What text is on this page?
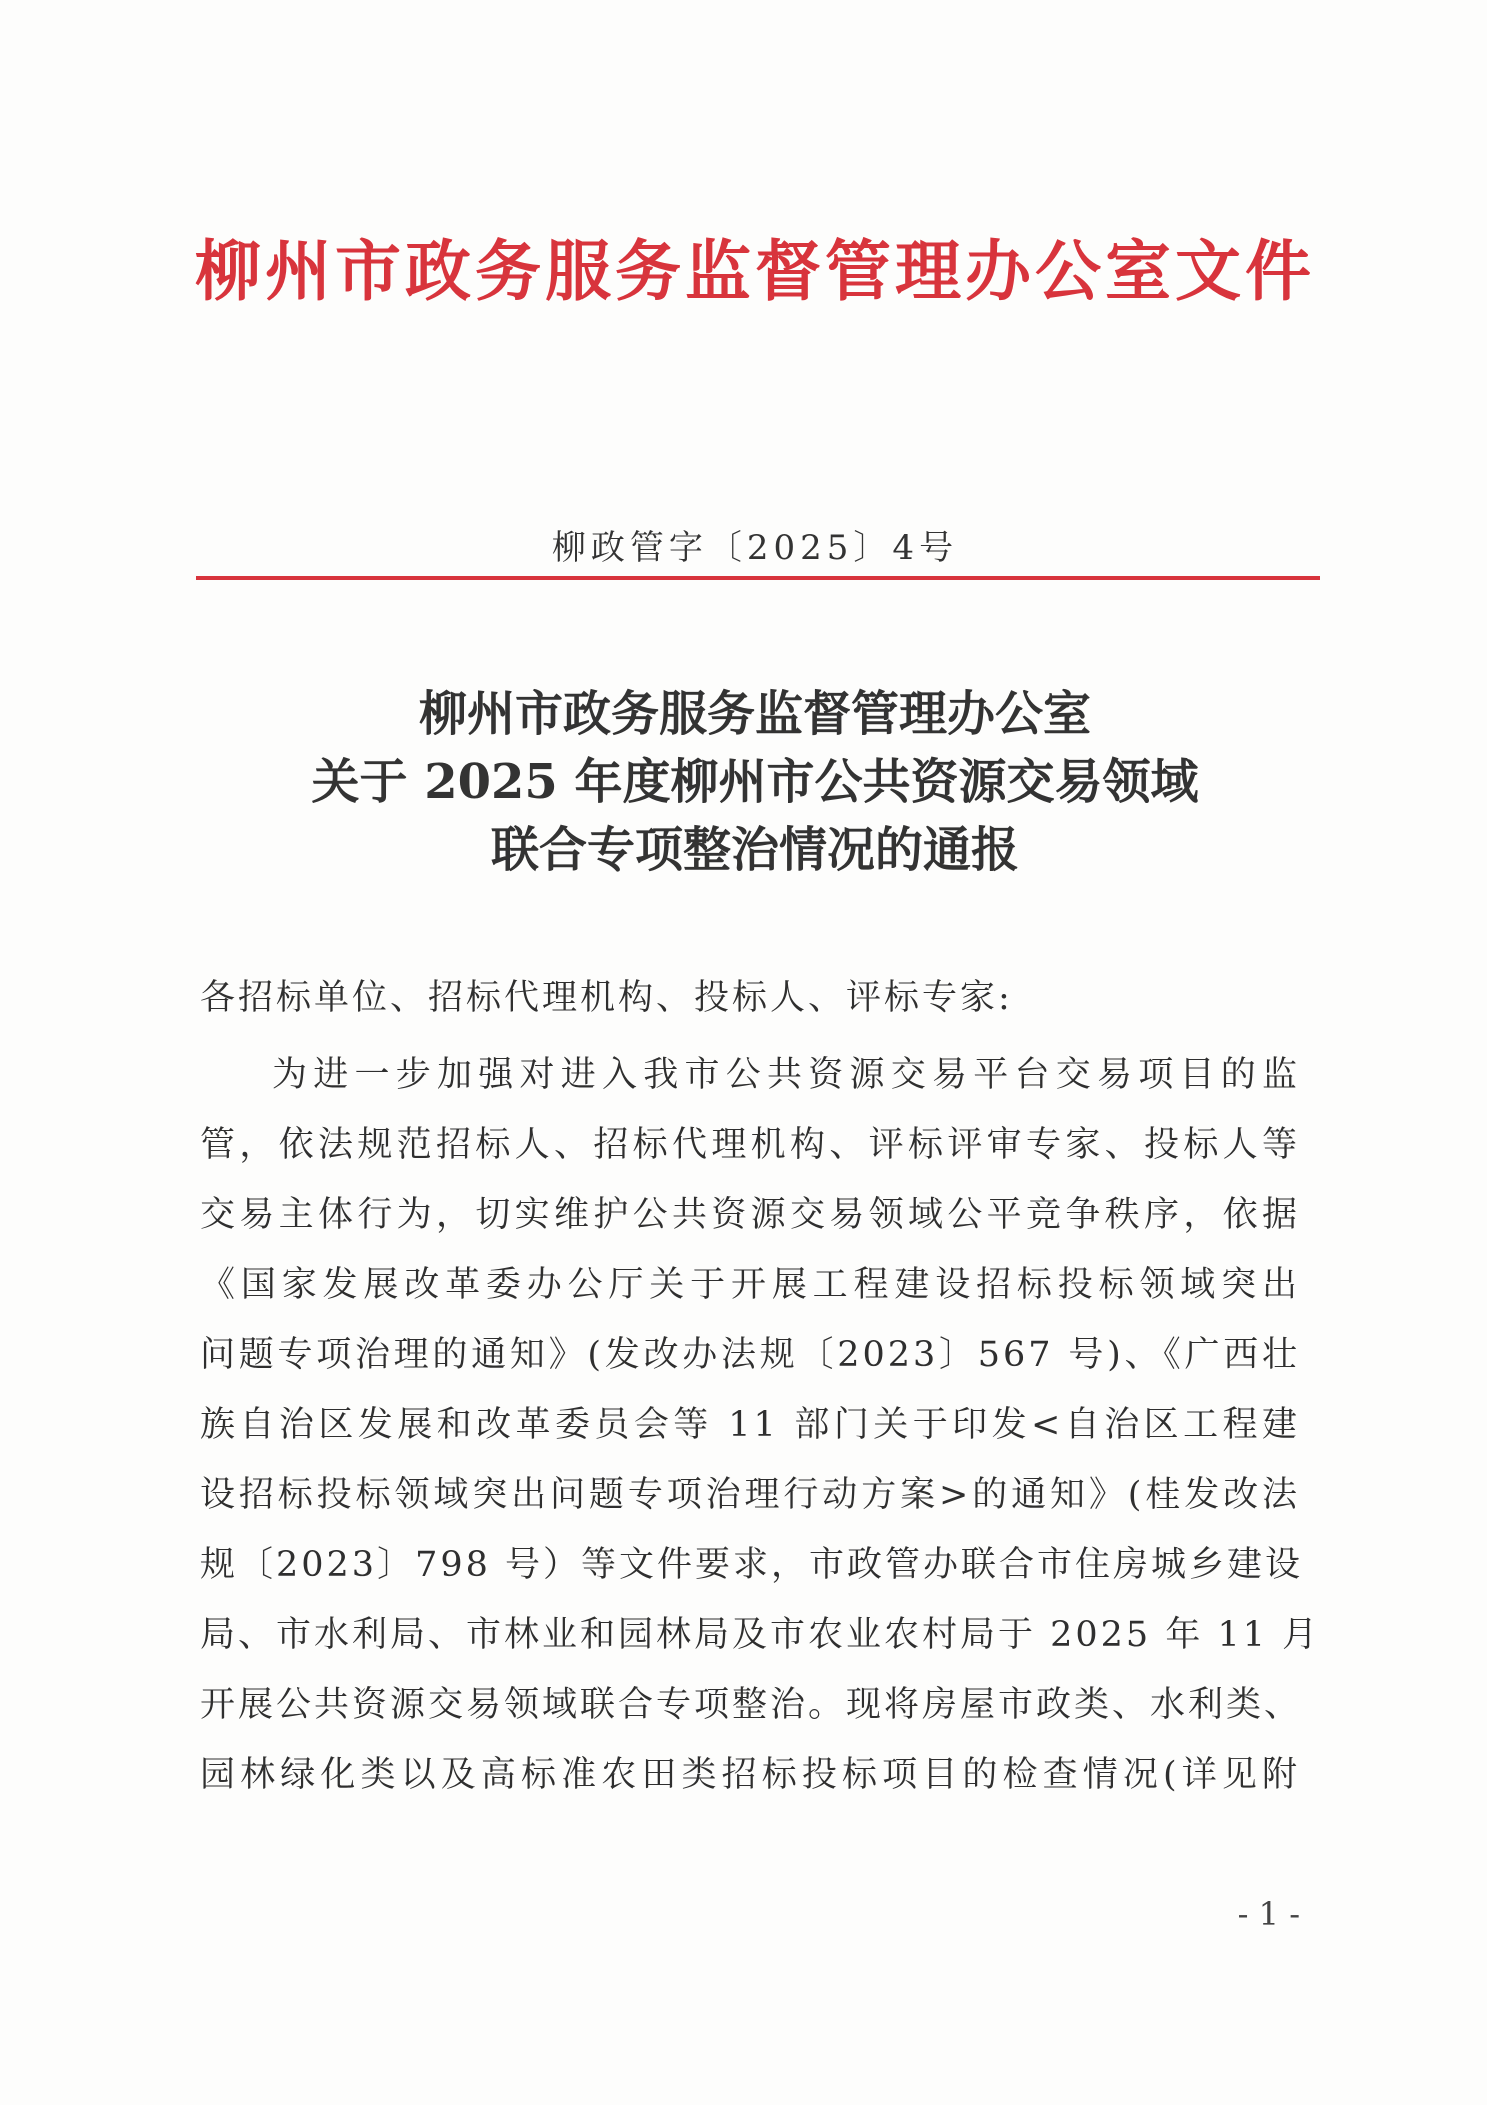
柳州市政务服务监督管理办公室文件
柳政管字〔2025〕4号
柳州市政务服务监督管理办公室
关于 2025 年度柳州市公共资源交易领域
联合专项整治情况的通报
各招标单位、招标代理机构、投标人、评标专家:
为进一步加强对进入我市公共资源交易平台交易项目的监
管，依法规范招标人、招标代理机构、评标评审专家、投标人等
交易主体行为，切实维护公共资源交易领域公平竞争秩序，依据
《国家发展改革委办公厅关于开展工程建设招标投标领域突出
问题专项治理的通知》(发改办法规〔2023〕567 号)、《广西壮
族自治区发展和改革委员会等 11 部门关于印发<自治区工程建
设招标投标领域突出问题专项治理行动方案>的通知》(桂发改法
规〔2023〕798 号）等文件要求，市政管办联合市住房城乡建设
局、市水利局、市林业和园林局及市农业农村局于 2025 年 11 月
开展公共资源交易领域联合专项整治。现将房屋市政类、水利类、
园林绿化类以及高标准农田类招标投标项目的检查情况(详见附
- 1 -
